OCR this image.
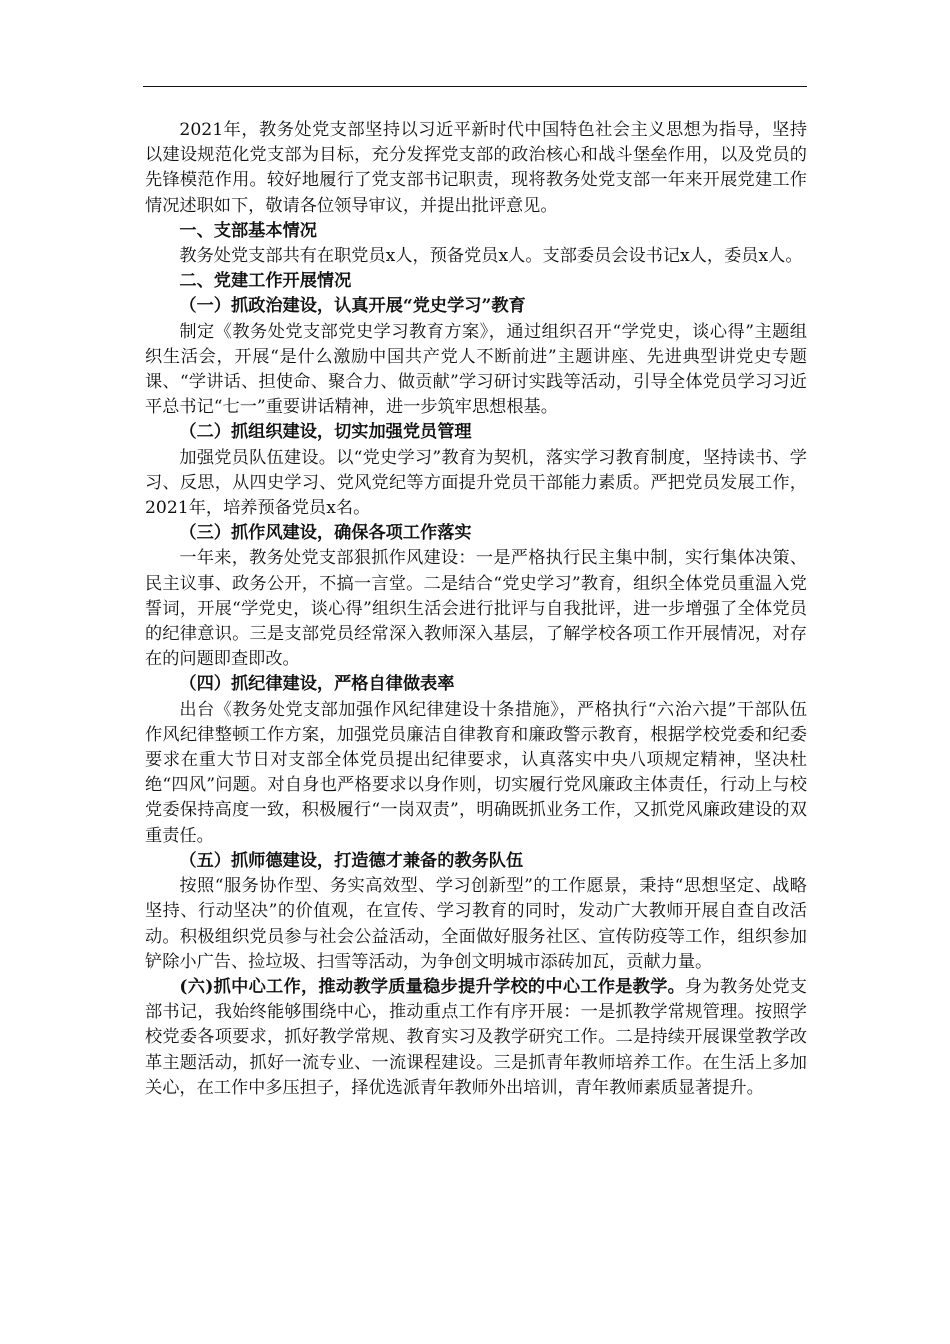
2021年，教务处党支部坚持以习近平新时代中国特色社会主义思想为指导，坚持以建设规范化党支部为目标，充分发挥党支部的政治核心和战斗堡垒作用，以及党员的先锋模范作用。较好地履行了党支部书记职责，现将教务处党支部一年来开展党建工作情况述职如下，敬请各位领导审议，并提出批评意见。

一、支部基本情况

教务处党支部共有在职党员x人，预备党员x人。支部委员会设书记x人，委员x人。

二、党建工作开展情况

（一）抓政治建设，认真开展“党史学习”教育

制定《教务处党支部党史学习教育方案》，通过组织召开“学党史，谈心得”主题组织生活会，开展“是什么激励中国共产党人不断前进”主题讲座、先进典型讲党史专题课、“学讲话、担使命、聚合力、做贡献”学习研讨实践等活动，引导全体党员学习习近平总书记“七一”重要讲话精神，进一步筑牢思想根基。

（二）抓组织建设，切实加强党员管理

加强党员队伍建设。以“党史学习”教育为契机，落实学习教育制度，坚持读书、学习、反思，从四史学习、党风党纪等方面提升党员干部能力素质。严把党员发展工作，2021年，培养预备党员x名。

（三）抓作风建设，确保各项工作落实

一年来，教务处党支部狠抓作风建设：一是严格执行民主集中制，实行集体决策、民主议事、政务公开，不搞一言堂。二是结合“党史学习”教育，组织全体党员重温入党誓词，开展“学党史，谈心得”组织生活会进行批评与自我批评，进一步增强了全体党员的纪律意识。三是支部党员经常深入教师深入基层，了解学校各项工作开展情况，对存在的问题即查即改。

（四）抓纪律建设，严格自律做表率

出台《教务处党支部加强作风纪律建设十条措施》，严格执行“六治六提”干部队伍作风纪律整顿工作方案，加强党员廉洁自律教育和廉政警示教育，根据学校党委和纪委要求在重大节日对支部全体党员提出纪律要求，认真落实中央八项规定精神，坚决杜绝“四风”问题。对自身也严格要求以身作则，切实履行党风廉政主体责任，行动上与校党委保持高度一致，积极履行“一岗双责”，明确既抓业务工作，又抓党风廉政建设的双重责任。

（五）抓师德建设，打造德才兼备的教务队伍

按照“服务协作型、务实高效型、学习创新型”的工作愿景，秉持“思想坚定、战略坚持、行动坚决”的价值观，在宣传、学习教育的同时，发动广大教师开展自查自改活动。积极组织党员参与社会公益活动，全面做好服务社区、宣传防疫等工作，组织参加铲除小广告、捡垃圾、扫雪等活动，为争创文明城市添砖加瓦，贡献力量。

(六)抓中心工作，推动教学质量稳步提升学校的中心工作是教学。身为教务处党支部书记，我始终能够围绕中心，推动重点工作有序开展：一是抓教学常规管理。按照学校党委各项要求，抓好教学常规、教育实习及教学研究工作。二是持续开展课堂教学改革主题活动，抓好一流专业、一流课程建设。三是抓青年教师培养工作。在生活上多加关心，在工作中多压担子，择优选派青年教师外出培训，青年教师素质显著提升。
